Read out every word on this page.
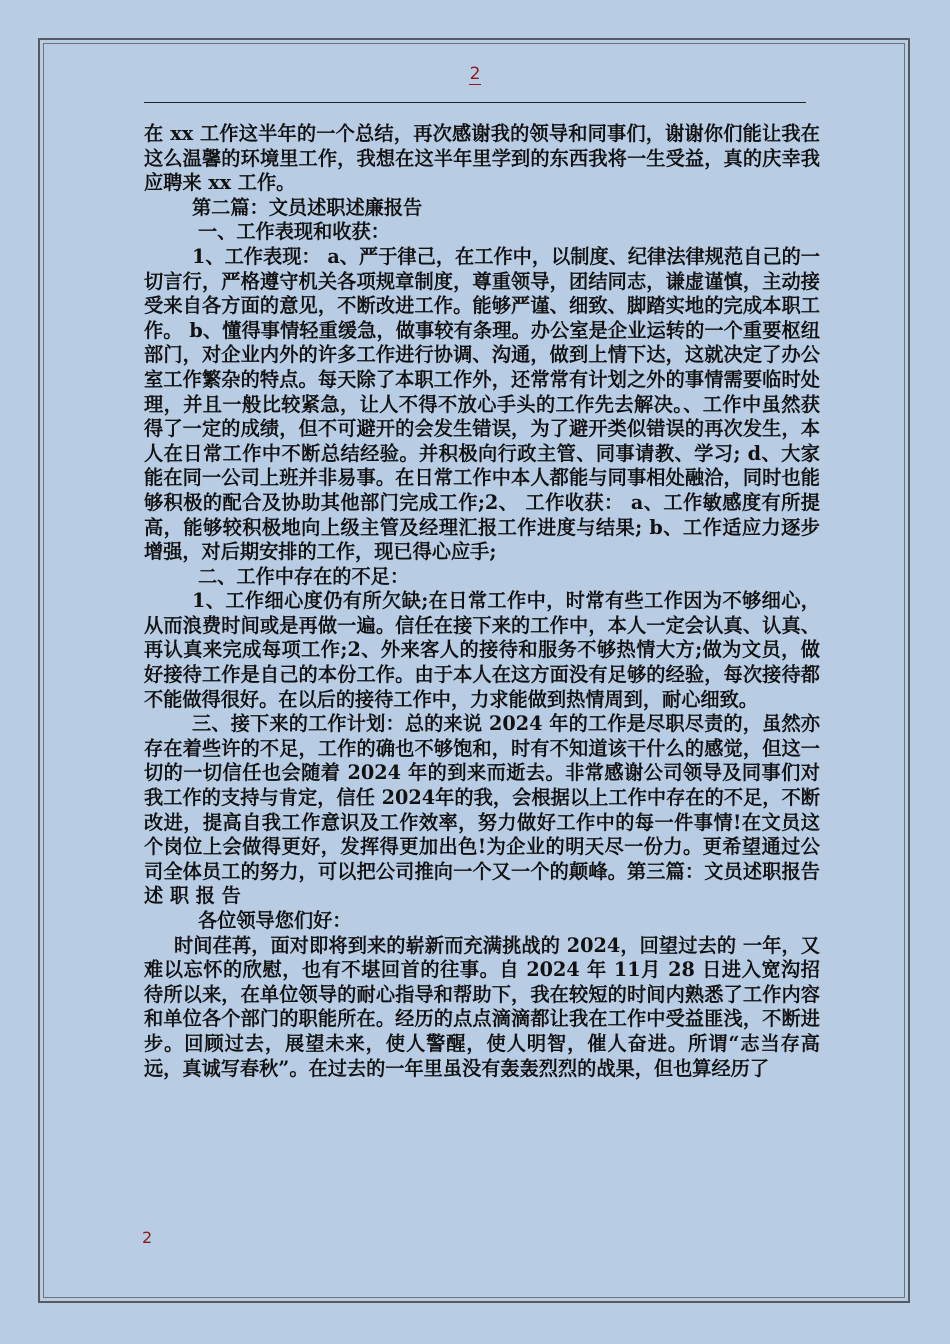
2

在 xx 工作这半年的一个总结，再次感谢我的领导和同事们，谢谢你们能让我在这么温馨的环境里工作，我想在这半年里学到的东西我将一生受益，真的庆幸我应聘来 xx 工作。

第二篇：文员述职述廉报告

一、工作表现和收获：

1、工作表现： a、严于律己，在工作中，以制度、纪律法律规范自己的一切言行，严格遵守机关各项规章制度，尊重领导，团结同志，谦虚谨慎，主动接受来自各方面的意见，不断改进工作。能够严谨、细致、脚踏实地的完成本职工作。 b、懂得事情轻重缓急，做事较有条理。办公室是企业运转的一个重要枢纽部门，对企业内外的许多工作进行协调、沟通，做到上情下达，这就决定了办公室工作繁杂的特点。每天除了本职工作外，还常常有计划之外的事情需要临时处理，并且一般比较紧急，让人不得不放心手头的工作先去解决。、工作中虽然获得了一定的成绩，但不可避开的会发生错误，为了避开类似错误的再次发生，本人在日常工作中不断总结经验。并积极向行政主管、同事请教、学习; d、大家能在同一公司上班并非易事。在日常工作中本人都能与同事相处融洽，同时也能够积极的配合及协助其他部门完成工作;2、 工作收获： a、工作敏感度有所提高，能够较积极地向上级主管及经理汇报工作进度与结果; b、工作适应力逐步增强，对后期安排的工作，现已得心应手;

二、工作中存在的不足：

1、工作细心度仍有所欠缺;在日常工作中，时常有些工作因为不够细心，从而浪费时间或是再做一遍。信任在接下来的工作中，本人一定会认真、认真、再认真来完成每项工作;2、外来客人的接待和服务不够热情大方;做为文员，做好接待工作是自己的本份工作。由于本人在这方面没有足够的经验，每次接待都不能做得很好。在以后的接待工作中，力求能做到热情周到，耐心细致。

三、接下来的工作计划：总的来说 2024 年的工作是尽职尽责的，虽然亦存在着些许的不足，工作的确也不够饱和，时有不知道该干什么的感觉，但这一切的一切信任也会随着 2024 年的到来而逝去。非常感谢公司领导及同事们对我工作的支持与肯定，信任 2024年的我，会根据以上工作中存在的不足，不断改进，提高自我工作意识及工作效率，努力做好工作中的每一件事情!在文员这个岗位上会做得更好，发挥得更加出色!为企业的明天尽一份力。更希望通过公司全体员工的努力，可以把公司推向一个又一个的颠峰。第三篇：文员述职报告述 职 报 告

各位领导您们好：

时间荏苒，面对即将到来的崭新而充满挑战的 2024，回望过去的 一年，又难以忘怀的欣慰，也有不堪回首的往事。自 2024 年 11月 28 日进入宽沟招待所以来，在单位领导的耐心指导和帮助下，我在较短的时间内熟悉了工作内容和单位各个部门的职能所在。经历的点点滴滴都让我在工作中受益匪浅，不断进步。回顾过去，展望未来，使人警醒，使人明智，催人奋进。所谓“志当存高远，真诚写春秋”。在过去的一年里虽没有轰轰烈烈的战果，但也算经历了

2
